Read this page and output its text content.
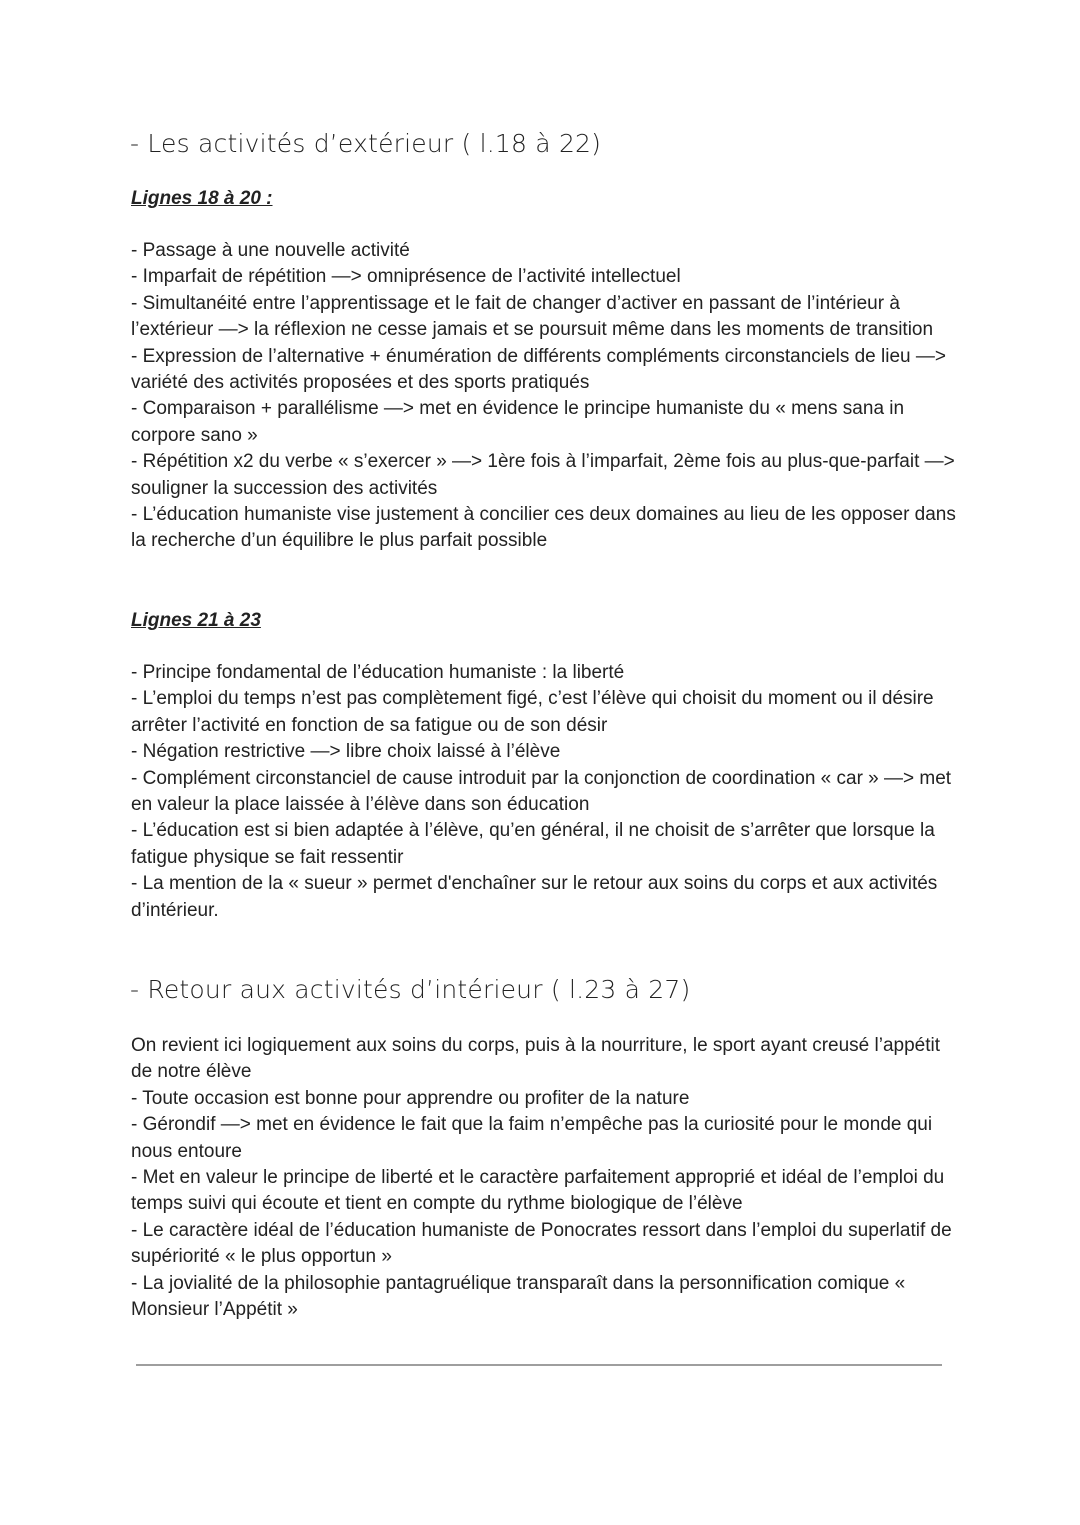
- Les activités d’extérieur ( l.18 à 22)
Lignes 18 à 20 :
- Passage à une nouvelle activité
- Imparfait de répétition —> omniprésence de l’activité intellectuel
- Simultanéité entre l’apprentissage et le fait de changer d’activer en passant de l’intérieur à l’extérieur —> la réflexion ne cesse jamais et se poursuit même dans les moments de transition
- Expression de l’alternative + énumération de différents compléments circonstanciels de lieu —> variété des activités proposées et des sports pratiqués
- Comparaison + parallélisme —> met en évidence le principe humaniste du « mens sana in corpore sano »
- Répétition x2 du verbe « s’exercer » —> 1ère fois à l’imparfait, 2ème fois au plus-que-parfait —> souligner la succession des activités
- L’éducation humaniste vise justement à concilier ces deux domaines au lieu de les opposer dans la recherche d’un équilibre le plus parfait possible
Lignes 21 à 23
- Principe fondamental de l’éducation humaniste : la liberté
- L’emploi du temps n’est pas complètement figé, c’est l’élève qui choisit du moment ou il désire arrêter l’activité en fonction de sa fatigue ou de son désir
- Négation restrictive —> libre choix laissé à l’élève
- Complément circonstanciel de cause introduit par la conjonction de coordination « car » —> met en valeur la place laissée à l’élève dans son éducation
- L’éducation est si bien adaptée à l’élève, qu’en général, il ne choisit de s’arrêter que lorsque la fatigue physique se fait ressentir
- La mention de la « sueur » permet d'enchaîner sur le retour aux soins du corps et aux activités d’intérieur.
- Retour aux activités d’intérieur ( l.23 à 27)
On revient ici logiquement aux soins du corps, puis à la nourriture, le sport ayant creusé l’appétit de notre élève
- Toute occasion est bonne pour apprendre ou profiter de la nature
- Gérondif —> met en évidence le fait que la faim n’empêche pas la curiosité pour le monde qui nous entoure
- Met en valeur le principe de liberté et le caractère parfaitement approprié et idéal de l’emploi du temps suivi qui écoute et tient en compte du rythme biologique de l’élève
- Le caractère idéal de l’éducation humaniste de Ponocrates ressort dans l’emploi du superlatif de supériorité « le plus opportun »
- La jovialité de la philosophie pantagruélique transparaît dans la personnification comique « Monsieur l’Appétit »
